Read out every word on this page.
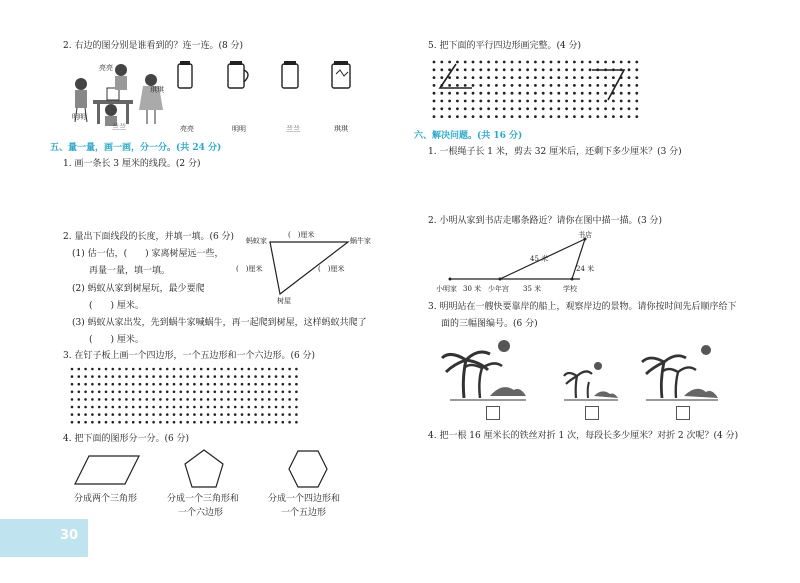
2. 右边的图分别是谁看到的？连一连。(8 分)
亮亮
明明
兰兰
琪琪
亮亮	明明	兰兰	琪琪
五、量一量，画一画，分一分。(共 24 分)
1. 画一条长 3 厘米的线段。(2 分)
2. 量出下面线段的长度，并填一填。(6 分)
(1) 估一估，(　　) 家离树屋远一些，
再量一量，填一填。
(2) 蚂蚁从家到树屋玩，最少要爬
(　　) 厘米。
(3) 蚂蚁从家出发，先到蜗牛家喊蜗牛，再一起爬到树屋，这样蚂蚁共爬了
(　　) 厘米。
蚂蚁家	蜗牛家
树屋
(　)厘米
(　)厘米	(　)厘米
3. 在钉子板上画一个四边形，一个五边形和一个六边形。(6 分)
4. 把下面的图形分一分。(6 分)
分成两个三角形	分成一个三角形和
一个六边形
分成一个四边形和
一个五边形
30
5. 把下面的平行四边形画完整。(4 分)
六、解决问题。(共 16 分)
1. 一根绳子长 1 米，剪去 32 厘米后，还剩下多少厘米？(3 分)
2. 小明从家到书店走哪条路近？请你在图中描一描。(3 分)
小明家 30 米 少年宫 35 米	学校
书店
45 米
24 米
3. 明明站在一艘快要靠岸的船上，观察岸边的景物。请你按时间先后顺序给下
面的三幅图编号。(6 分)
4. 把一根 16 厘米长的铁丝对折 1 次，每段长多少厘米？对折 2 次呢？(4 分)
